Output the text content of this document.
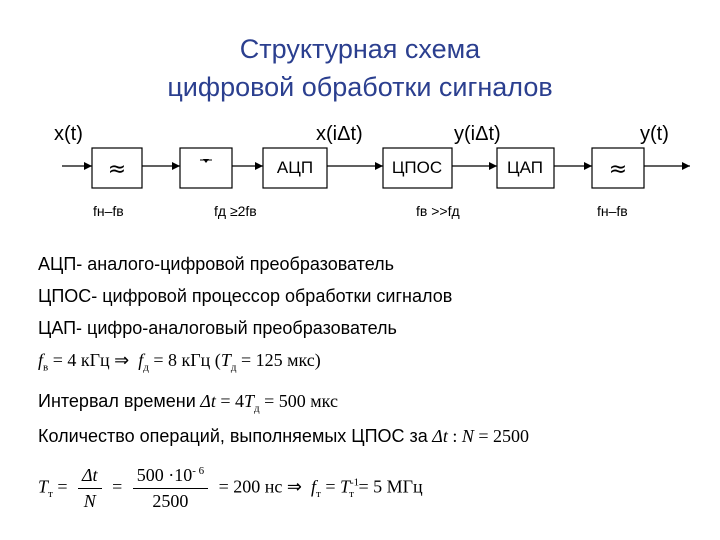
Структурная схема
цифровой обработки сигналов
x(t)	x(iΔt)	y(iΔt)	y(t)
≈	АЦП	ЦПОС	ЦАП	≈
fн–fв	fд ≥2fв	fв >>fд	fн–fв
АЦП- аналого-цифровой преобразователь
ЦПОС- цифровой процессор обработки сигналов
ЦАП- цифро-аналоговый преобразователь
$f_в = 4$ кГц ⇒ $f_д = 8$ кГц ($T_д = 125$ мкс)
Интервал времени $\Delta t = 4T_д = 500$ мкс
Количество операций, выполняемых ЦПОС за Δt : N = 2500
$T_т = \frac{\Delta t}{N} = \frac{500 \cdot 10^{- 6}}{2500} = 200$ нс ⇒ $f_т = T^{-1}_т = 5$ МГц
